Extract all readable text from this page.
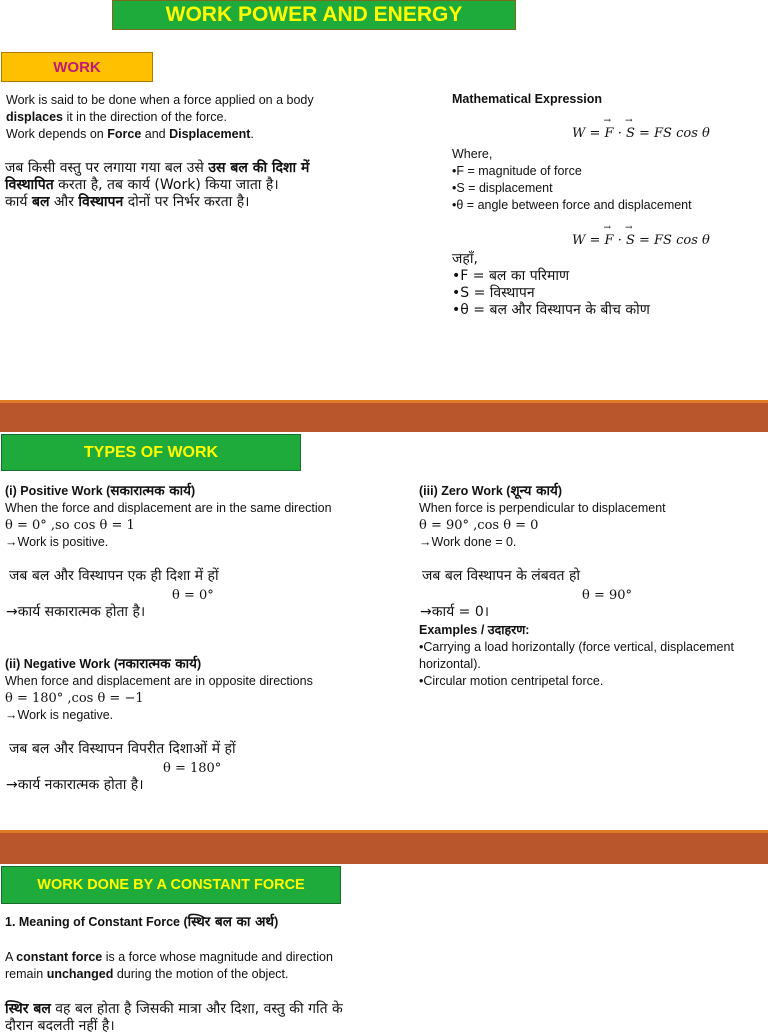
WORK POWER AND ENERGY
WORK

Work is said to be done when a force applied on a body

displaces it in the direction of the force.

Work depends on Force and Displacement.

जब किसी वस्तु पर लगाया गया बल उसे उस बल की दिशा में

विस्थापित करता है, तब कार्य (Work) किया जाता है।

कार्य बल और विस्थापन दोनों पर निर्भर करता है।

Mathematical Expression
W = → F · → S = FS cos θ

Where,

•F = magnitude of force

•S = displacement

•θ = angle between force and displacement

W = → F · → S = FS cos θ

जहाँ,

•F = बल का परिमाण

•S = विस्थापन

•θ = बल और विस्थापन के बीच कोण

TYPES OF WORK

(i) Positive Work (सकारात्मक कार्य)

When the force and displacement are in the same direction

θ = 0° ,so cos θ = 1

→Work is positive.

जब बल और विस्थापन एक ही दिशा में हों

θ = 0°

→कार्य सकारात्मक होता है।

(ii) Negative Work (नकारात्मक कार्य)

When force and displacement are in opposite directions

θ = 180° ,cos θ = −1

→Work is negative.

जब बल और विस्थापन विपरीत दिशाओं में हों

θ = 180°

→कार्य नकारात्मक होता है।

(iii) Zero Work (शून्य कार्य)

When force is perpendicular to displacement

θ = 90° ,cos θ = 0

→Work done = 0.

जब बल विस्थापन के लंबवत हो

θ = 90°

→कार्य = 0।

Examples / उदाहरण:

•Carrying a load horizontally (force vertical, displacement

horizontal).

•Circular motion centripetal force.

WORK DONE BY A CONSTANT FORCE

1. Meaning of Constant Force (स्थिर बल का अर्थ)

A constant force is a force whose magnitude and direction

remain unchanged during the motion of the object.

स्थिर बल वह बल होता है जिसकी मात्रा और दिशा, वस्तु की गति के

दौरान बदलती नहीं है।
